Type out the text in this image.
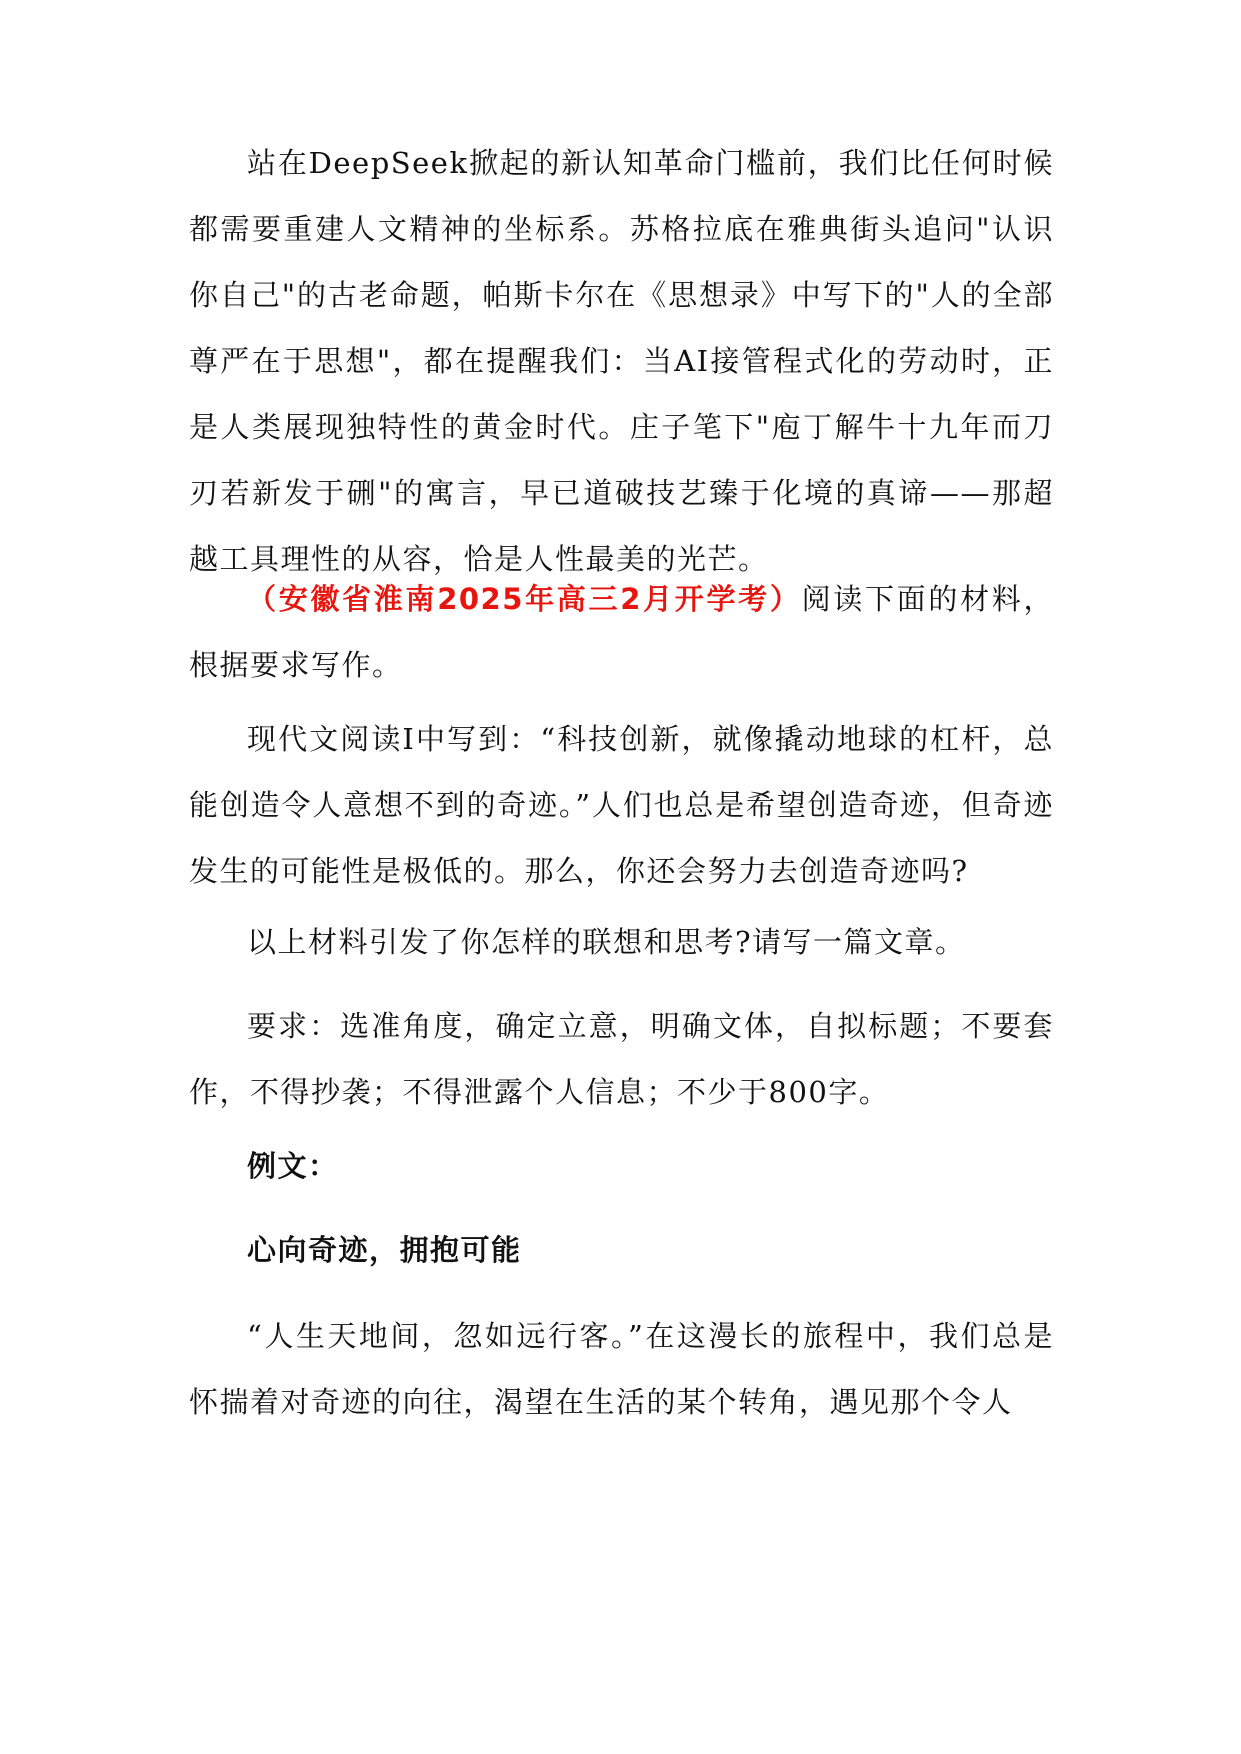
站在DeepSeek掀起的新认知革命门槛前，我们比任何时候都需要重建人文精神的坐标系。苏格拉底在雅典街头追问"认识你自己"的古老命题，帕斯卡尔在《思想录》中写下的"人的全部尊严在于思想"，都在提醒我们：当AI接管程式化的劳动时，正是人类展现独特性的黄金时代。庄子笔下"庖丁解牛十九年而刀刃若新发于硎"的寓言，早已道破技艺臻于化境的真谛——那超越工具理性的从容，恰是人性最美的光芒。

（安徽省淮南2025年高三2月开学考）阅读下面的材料，根据要求写作。

现代文阅读Ⅰ中写到：“科技创新，就像撬动地球的杠杆，总能创造令人意想不到的奇迹。”人们也总是希望创造奇迹，但奇迹发生的可能性是极低的。那么，你还会努力去创造奇迹吗?

以上材料引发了你怎样的联想和思考?请写一篇文章。

要求：选准角度，确定立意，明确文体，自拟标题；不要套作，不得抄袭；不得泄露个人信息；不少于800字。

例文：

心向奇迹，拥抱可能

“人生天地间，忽如远行客。”在这漫长的旅程中，我们总是怀揣着对奇迹的向往，渴望在生活的某个转角，遇见那个令人
